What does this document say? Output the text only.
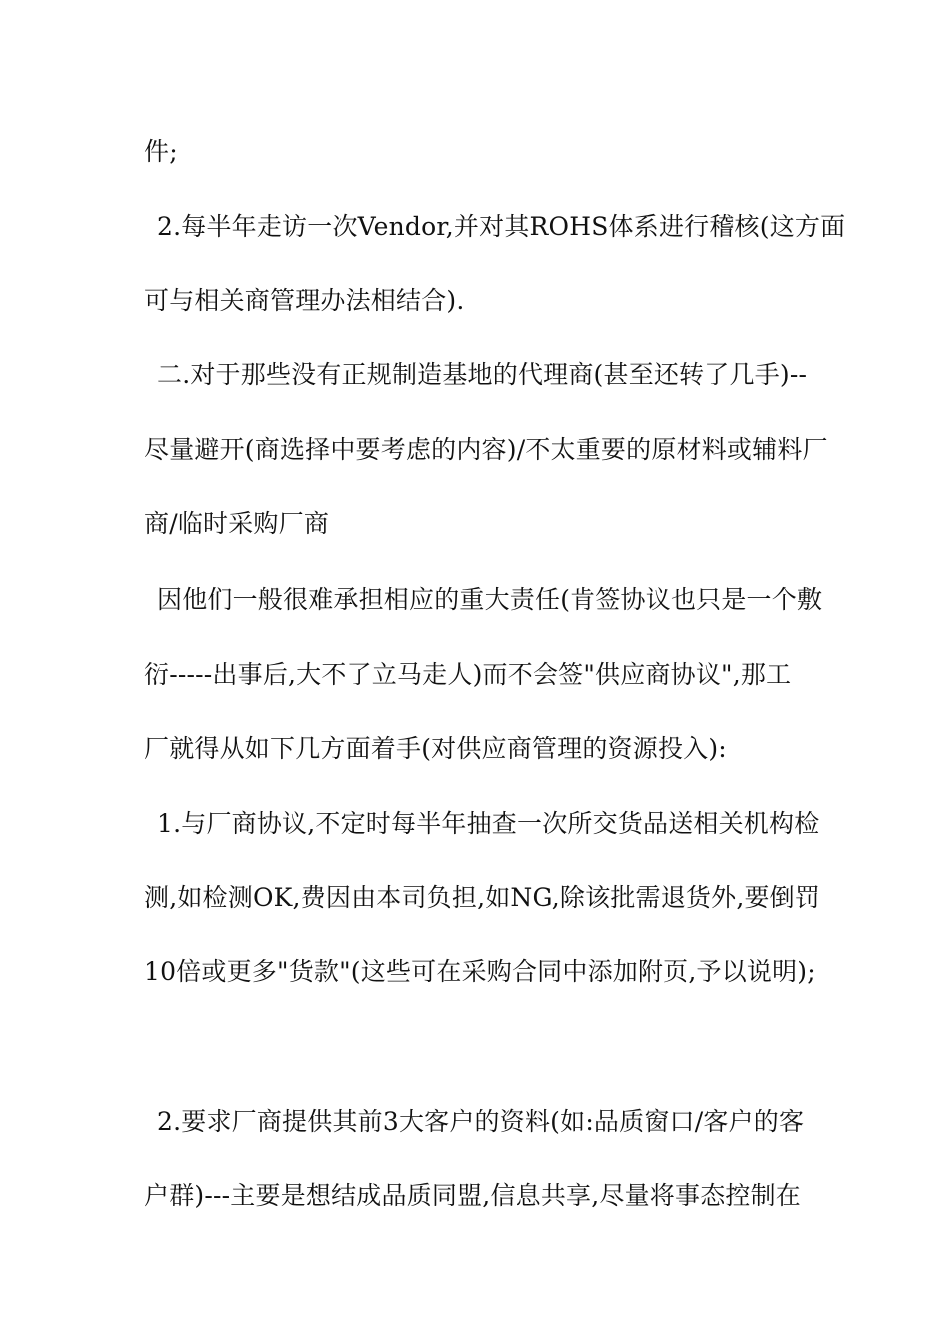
件;
2.每半年走访一次Vendor,并对其ROHS体系进行稽核(这方面
可与相关商管理办法相结合).
二.对于那些没有正规制造基地的代理商(甚至还转了几手)--
尽量避开(商选择中要考虑的内容)/不太重要的原材料或辅料厂
商/临时采购厂商
因他们一般很难承担相应的重大责任(肯签协议也只是一个敷
衍-----出事后,大不了立马走人)而不会签"供应商协议",那工
厂就得从如下几方面着手(对供应商管理的资源投入):
1.与厂商协议,不定时每半年抽查一次所交货品送相关机构检
测,如检测OK,费因由本司负担,如NG,除该批需退货外,要倒罚
10倍或更多"货款"(这些可在采购合同中添加附页,予以说明);
2.要求厂商提供其前3大客户的资料(如:品质窗口/客户的客
户群)---主要是想结成品质同盟,信息共享,尽量将事态控制在
